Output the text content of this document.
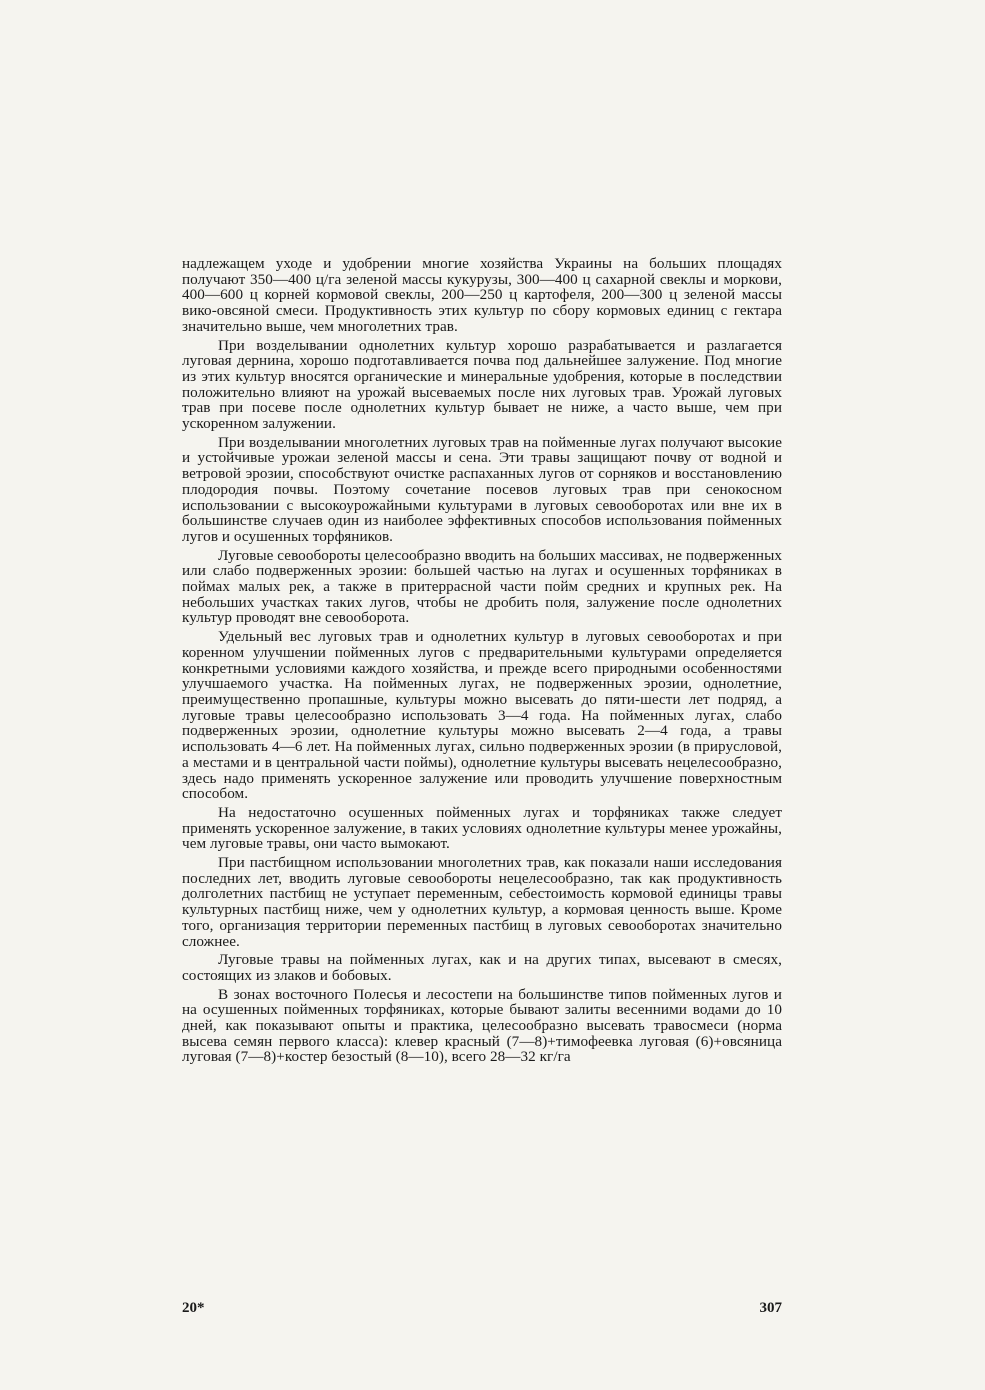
надлежащем уходе и удобрении многие хозяйства Украины на больших площадях получают 350—400 ц/га зеленой массы кукурузы, 300—400 ц сахарной свеклы и моркови, 400—600 ц корней кормовой свеклы, 200—250 ц картофеля, 200—300 ц зеленой массы вико-овсяной смеси. Продуктивность этих культур по сбору кормовых единиц с гектара значительно выше, чем многолетних трав.

При возделывании однолетних культур хорошо разрабатывается и разлагается луговая дернина, хорошо подготавливается почва под дальнейшее залужение. Под многие из этих культур вносятся органические и минеральные удобрения, которые в последствии положительно влияют на урожай высеваемых после них луговых трав. Урожай луговых трав при посеве после однолетних культур бывает не ниже, а часто выше, чем при ускоренном залужении.

При возделывании многолетних луговых трав на пойменные лугах получают высокие и устойчивые урожаи зеленой массы и сена. Эти травы защищают почву от водной и ветровой эрозии, способствуют очистке распаханных лугов от сорняков и восстановлению плодородия почвы. Поэтому сочетание посевов луговых трав при сенокосном использовании с высокоурожайными культурами в луговых севооборотах или вне их в большинстве случаев один из наиболее эффективных способов использования пойменных лугов и осушенных торфяников.

Луговые севообороты целесообразно вводить на больших массивах, не подверженных или слабо подверженных эрозии: большей частью на лугах и осушенных торфяниках в поймах малых рек, а также в притеррасной части пойм средних и крупных рек. На небольших участках таких лугов, чтобы не дробить поля, залужение после однолетних культур проводят вне севооборота.

Удельный вес луговых трав и однолетних культур в луговых севооборотах и при коренном улучшении пойменных лугов с предварительными культурами определяется конкретными условиями каждого хозяйства, и прежде всего природными особенностями улучшаемого участка. На пойменных лугах, не подверженных эрозии, однолетние, преимущественно пропашные, культуры можно высевать до пяти-шести лет подряд, а луговые травы целесообразно использовать 3—4 года. На пойменных лугах, слабо подверженных эрозии, однолетние культуры можно высевать 2—4 года, а травы использовать 4—6 лет. На пойменных лугах, сильно подверженных эрозии (в прирусловой, а местами и в центральной части поймы), однолетние культуры высевать нецелесообразно, здесь надо применять ускоренное залужение или проводить улучшение поверхностным способом.

На недостаточно осушенных пойменных лугах и торфяниках также следует применять ускоренное залужение, в таких условиях однолетние культуры менее урожайны, чем луговые травы, они часто вымокают.

При пастбищном использовании многолетних трав, как показали наши исследования последних лет, вводить луговые севообороты нецелесообразно, так как продуктивность долголетних пастбищ не уступает переменным, себестоимость кормовой единицы травы культурных пастбищ ниже, чем у однолетних культур, а кормовая ценность выше. Кроме того, организация территории переменных пастбищ в луговых севооборотах значительно сложнее.

Луговые травы на пойменных лугах, как и на других типах, высевают в смесях, состоящих из злаков и бобовых.

В зонах восточного Полесья и лесостепи на большинстве типов пойменных лугов и на осушенных пойменных торфяниках, которые бывают залиты весенними водами до 10 дней, как показывают опыты и практика, целесообразно высевать травосмеси (норма высева семян первого класса): клевер красный (7—8)+тимофеевка луговая (6)+овсяница луговая (7—8)+костер безостый (8—10), всего 28—32 кг/га

20*	307
